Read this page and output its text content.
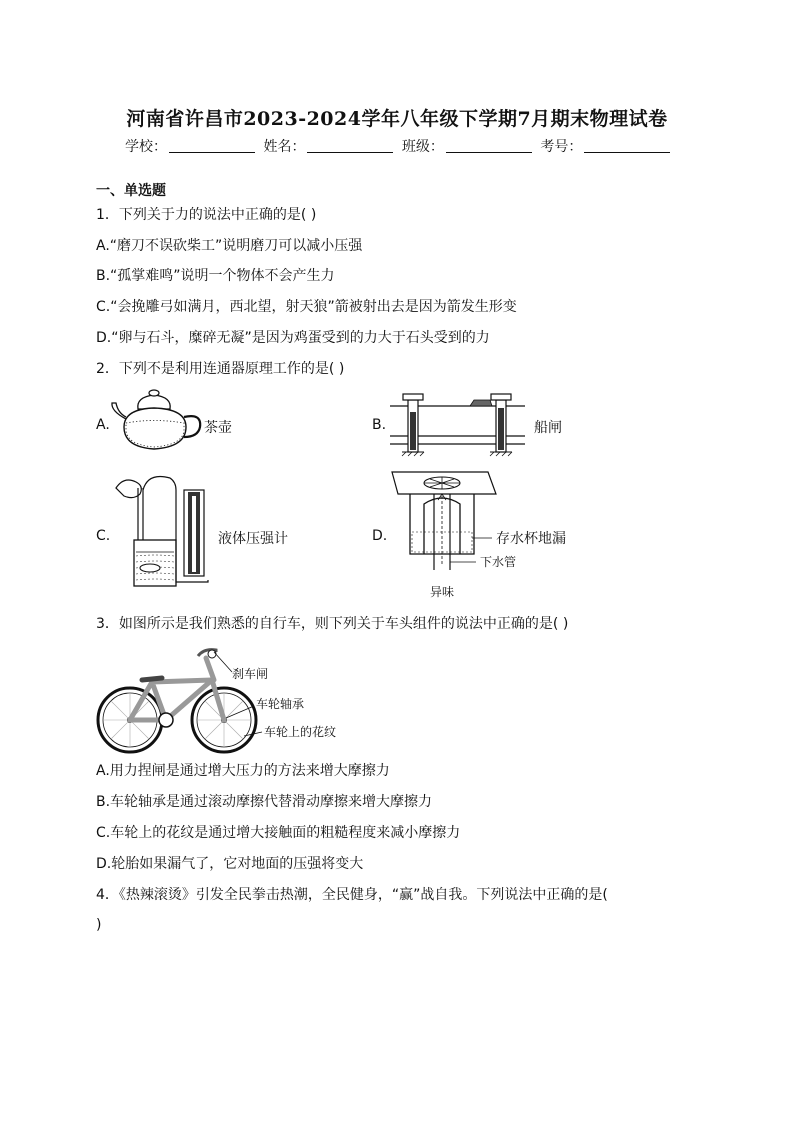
河南省许昌市2023-2024学年八年级下学期7月期末物理试卷
学校：	姓名：	班级：	考号：
一、单选题
1．下列关于力的说法中正确的是( )
A.“磨刀不误砍柴工”说明磨刀可以减小压强
B.“孤掌难鸣”说明一个物体不会产生力
C.“会挽雕弓如满月，西北望，射天狼”箭被射出去是因为箭发生形变
D.“卵与石斗，糜碎无凝”是因为鸡蛋受到的力大于石头受到的力
2．下列不是利用连通器原理工作的是( )
A.	茶壶	B.	船闸
C.	液体压强计	D.
下水管
异味
存水杯地漏
3．如图所示是我们熟悉的自行车，则下列关于车头组件的说法中正确的是( )
刹车闸
车轮轴承
车轮上的花纹
A.用力捏闸是通过增大压力的方法来增大摩擦力
B.车轮轴承是通过滚动摩擦代替滑动摩擦来增大摩擦力
C.车轮上的花纹是通过增大接触面的粗糙程度来减小摩擦力
D.轮胎如果漏气了，它对地面的压强将变大
4．《热辣滚烫》引发全民拳击热潮，全民健身，“赢”战自我。下列说法中正确的是(
)
